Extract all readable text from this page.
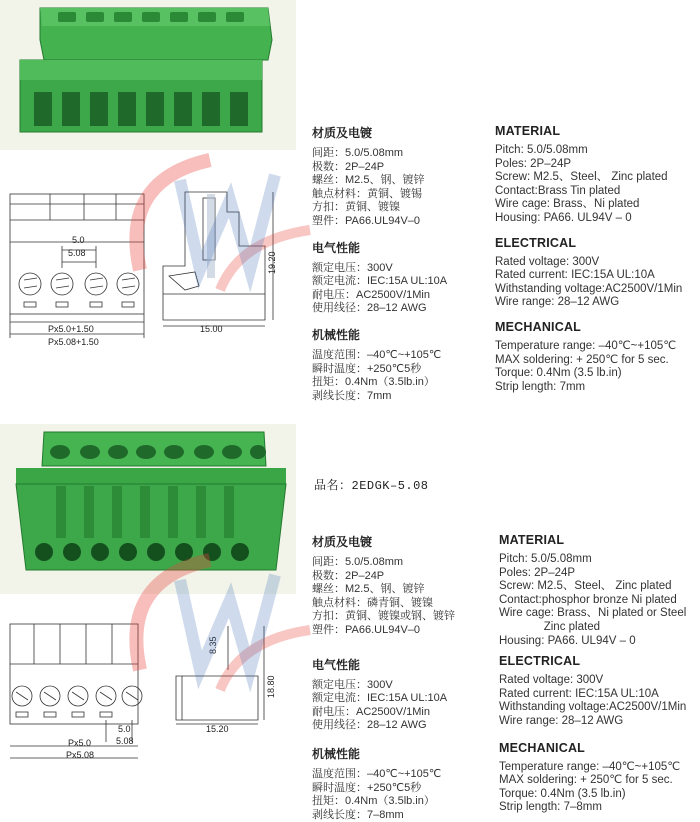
5.0
5.08
Px5.0+1.50
Px5.08+1.50
15.00
19.20
材质及电镀
间距：5.0/5.08mm
极数：2P–24P
螺丝：M2.5、钢、镀锌
触点材料：黄铜、镀锡
方扣：黄铜、镀镍
塑件：PA66.UL94V–0
电气性能
额定电压：300V
额定电流：IEC:15A UL:10A
耐电压：AC2500V/1Min
使用线径：28–12 AWG
机械性能
温度范围：–40℃~+105℃
瞬时温度：+250℃5秒
扭矩：0.4Nm（3.5lb.in）
剥线长度：7mm
MATERIAL
Pitch: 5.0/5.08mm
Poles: 2P–24P
Screw: M2.5、Steel、 Zinc plated
Contact:Brass Tin plated
Wire cage: Brass、Ni plated
Housing: PA66. UL94V – 0
ELECTRICAL
Rated voltage: 300V
Rated current: IEC:15A UL:10A
Withstanding voltage:AC2500V/1Min
Wire range: 28–12 AWG
MECHANICAL
Temperature range: –40℃~+105℃
MAX soldering: + 250℃ for 5 sec.
Torque: 0.4Nm (3.5 lb.in)
Strip length: 7mm
品名：2EDGK–5.08
5.0
5.08
Px5.0
Px5.08
8.35
18.80
15.20
材质及电镀
间距：5.0/5.08mm
极数：2P–24P
螺丝：M2.5、钢、镀锌
触点材料：磷青铜、镀镍
方扣：黄铜、镀镍或钢、镀锌
塑件：PA66.UL94V–0
电气性能
额定电压：300V
额定电流：IEC:15A UL:10A
耐电压：AC2500V/1Min
使用线径：28–12 AWG
机械性能
温度范围：–40℃~+105℃
瞬时温度：+250℃5秒
扭矩：0.4Nm（3.5lb.in）
剥线长度：7–8mm
MATERIAL
Pitch: 5.0/5.08mm
Poles: 2P–24P
Screw: M2.5、Steel、 Zinc plated
Contact:phosphor bronze Ni plated
Wire cage: Brass、Ni plated or Steel
Zinc plated
Housing: PA66. UL94V – 0
ELECTRICAL
Rated voltage: 300V
Rated current: IEC:15A UL:10A
Withstanding voltage:AC2500V/1Min
Wire range: 28–12 AWG
MECHANICAL
Temperature range: –40℃~+105℃
MAX soldering: + 250℃ for 5 sec.
Torque: 0.4Nm (3.5 lb.in)
Strip length: 7–8mm
